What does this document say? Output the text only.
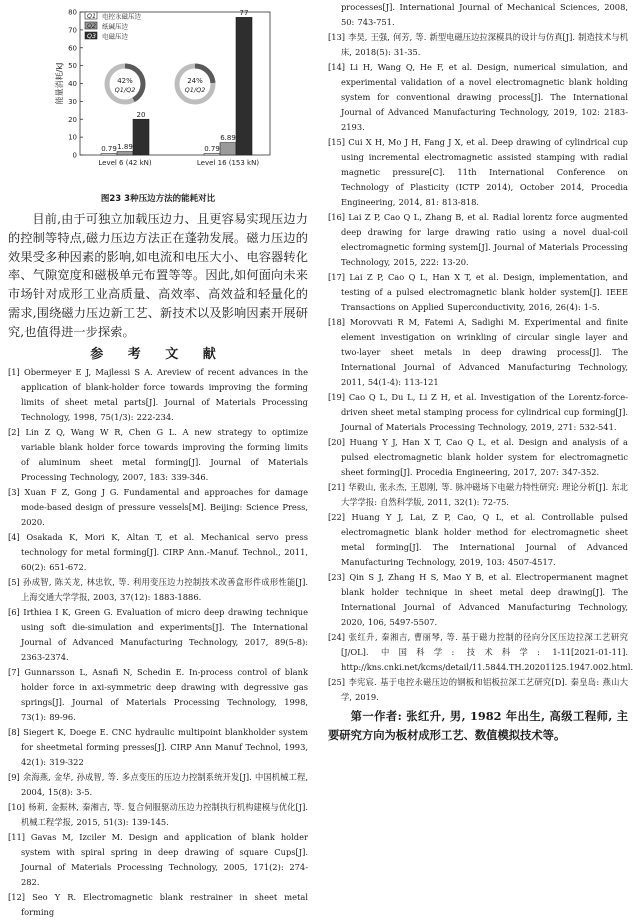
0
10
20
30
40
50
60
70
80
能量消耗/kJ
0.79 1.89
20
Level 6 (42 kN)
0.79
6.89
77
Level 16 (153 kN)
Q1 电控永磁压边
Q2 纸碱压边
Q3 电磁压边
42%
Q1/Q2
24%
Q1/Q2
图23 3种压边方法的能耗对比

目前,由于可独立加载压边力、且更容易实现压边力的控制等特点,磁力压边方法正在蓬勃发展。磁力压边的效果受多种因素的影响,如电流和电压大小、电容器转化率、气隙宽度和磁极单元布置等等。因此,如何面向未来市场针对成形工业高质量、高效率、高效益和轻量化的需求,围绕磁力压边新工艺、新技术以及影响因素开展研究,也值得进一步探索。

参 考 文 献
[1] Obermeyer E J, Majlessi S A. Areview of recent advances in the application of blank-holder force towards improving the forming limits of sheet metal parts[J]. Journal of Materials Processing Technology, 1998, 75(1/3): 222-234.
[2] Lin Z Q, Wang W R, Chen G L. A new strategy to optimize variable blank holder force towards improving the forming limits of aluminum sheet metal forming[J]. Journal of Materials Processing Technology, 2007, 183: 339-346.
[3] Xuan F Z, Gong J G. Fundamental and approaches for damage mode-based design of pressure vessels[M]. Beijing: Science Press, 2020.
[4] Osakada K, Mori K, Altan T, et al. Mechanical servo press technology for metal forming[J]. CIRP Ann.-Manuf. Technol., 2011, 60(2): 651-672.
[5] 孙成智, 陈关龙, 林忠钦, 等. 利用变压边力控制技术改善盒形件成形性能[J]. 上海交通大学学报, 2003, 37(12): 1883-1886.
[6] Irthiea I K, Green G. Evaluation of micro deep drawing technique using soft die-simulation and experiments[J]. The International Journal of Advanced Manufacturing Technology, 2017, 89(5-8): 2363-2374.
[7] Gunnarsson L, Asnafi N, Schedin E. In-process control of blank holder force in axi-symmetric deep drawing with degressive gas springs[J]. Journal of Materials Processing Technology, 1998, 73(1): 89-96.
[8] Siegert K, Doege E. CNC hydraulic multipoint blankholder system for sheetmetal forming presses[J]. CIRP Ann Manuf Technol, 1993, 42(1): 319-322
[9] 余海燕, 金华, 孙成智, 等. 多点变压的压边力控制系统开发[J]. 中国机械工程, 2004, 15(8): 3-5.
[10] 杨莉, 金振林, 秦湘吉, 等. 复合伺服驱动压边力控制执行机构建模与优化[J]. 机械工程学报, 2015, 51(3): 139-145.
[11] Gavas M, Izciler M. Design and application of blank holder system with spiral spring in deep drawing of square Cups[J]. Journal of Materials Processing Technology, 2005, 171(2): 274-282.
[12] Seo Y R. Electromagnetic blank restrainer in sheet metal forming
processes[J]. International Journal of Mechanical Sciences, 2008, 50: 743-751.
[13] 李昊, 王强, 何芳, 等. 新型电磁压边拉深模具的设计与仿真[J]. 制造技术与机床, 2018(5): 31-35.
[14] Li H, Wang Q, He F, et al. Design, numerical simulation, and experimental validation of a novel electromagnetic blank holding system for conventional drawing process[J]. The International Journal of Advanced Manufacturing Technology, 2019, 102: 2183-2193.
[15] Cui X H, Mo J H, Fang J X, et al. Deep drawing of cylindrical cup using incremental electromagnetic assisted stamping with radial magnetic pressure[C]. 11th International Conference on Technology of Plasticity (ICTP 2014), October 2014, Procedia Engineering, 2014, 81: 813-818.
[16] Lai Z P, Cao Q L, Zhang B, et al. Radial lorentz force augmented deep drawing for large drawing ratio using a novel dual-coil electromagnetic forming system[J]. Journal of Materials Processing Technology, 2015, 222: 13-20.
[17] Lai Z P, Cao Q L, Han X T, et al. Design, implementation, and testing of a pulsed electromagnetic blank holder system[J]. IEEE Transactions on Applied Superconductivity, 2016, 26(4): 1-5.
[18] Morovvati R M, Fatemi A, Sadighi M. Experimental and finite element investigation on wrinkling of circular single layer and two-layer sheet metals in deep drawing process[J]. The International Journal of Advanced Manufacturing Technology, 2011, 54(1-4): 113-121
[19] Cao Q L, Du L, Li Z H, et al. Investigation of the Lorentz-force-driven sheet metal stamping process for cylindrical cup forming[J]. Journal of Materials Processing Technology, 2019, 271: 532-541.
[20] Huang Y J, Han X T, Cao Q L, et al. Design and analysis of a pulsed electromagnetic blank holder system for electromagnetic sheet forming[J]. Procedia Engineering, 2017, 207: 347-352.
[21] 华毅山, 张永杰, 王恩刚, 等. 脉冲磁场下电磁力特性研究: 理论分析[J]. 东北大学学报: 自然科学版, 2011, 32(1): 72-75.
[22] Huang Y J, Lai, Z P, Cao, Q L, et al. Controllable pulsed electromagnetic blank holder method for electromagnetic sheet metal forming[J]. The International Journal of Advanced Manufacturing Technology, 2019, 103: 4507-4517.
[23] Qin S J, Zhang H S, Mao Y B, et al. Electropermanent magnet blank holder technique in sheet metal deep drawing[J]. The International Journal of Advanced Manufacturing Technology, 2020, 106, 5497-5507.
[24] 张红升, 秦湘吉, 曹丽琴, 等. 基于磁力控制的径向分区压边拉深工艺研究[J/OL]. 中国科学: 技术科学: 1-11[2021-01-11]. http://kns.cnki.net/kcms/detail/11.5844.TH.20201125.1947.002.html.
[25] 李宪宸. 基于电控永磁压边的钢板和铝板拉深工艺研究[D]. 秦皇岛: 燕山大学, 2019.
第一作者: 张红升, 男, 1982 年出生, 高级工程师, 主要研究方向为板材成形工艺、数值模拟技术等。
